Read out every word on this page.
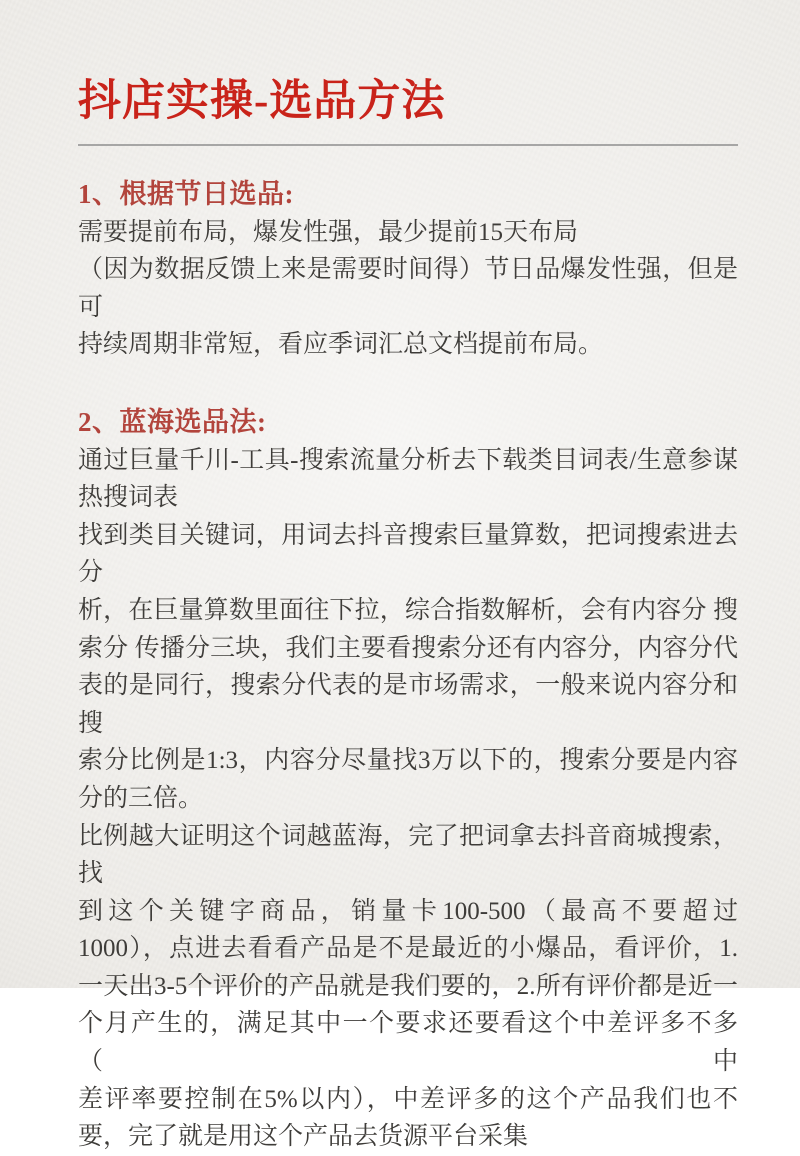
抖店实操-选品方法
1、根据节日选品:

需要提前布局，爆发性强，最少提前15天布局

（因为数据反馈上来是需要时间得）节日品爆发性强，但是可
持续周期非常短，看应季词汇总文档提前布局。

2、蓝海选品法:

通过巨量千川-工具-搜索流量分析去下载类目词表/生意参谋
热搜词表

找到类目关键词，用词去抖音搜索巨量算数，把词搜索进去分
析，在巨量算数里面往下拉，综合指数解析，会有内容分 搜
索分 传播分三块，我们主要看搜索分还有内容分，内容分代
表的是同行，搜索分代表的是市场需求，一般来说内容分和搜
索分比例是1:3，内容分尽量找3万以下的，搜索分要是内容
分的三倍。

比例越大证明这个词越蓝海，完了把词拿去抖音商城搜索，找
到这个关键字商品，销量卡100-500（最高不要超过
1000），点进去看看产品是不是最近的小爆品，看评价，1.
一天出3-5个评价的产品就是我们要的，2.所有评价都是近一
个月产生的，满足其中一个要求还要看这个中差评多不多（中
差评率要控制在5%以内），中差评多的这个产品我们也不
要，完了就是用这个产品去货源平台采集
